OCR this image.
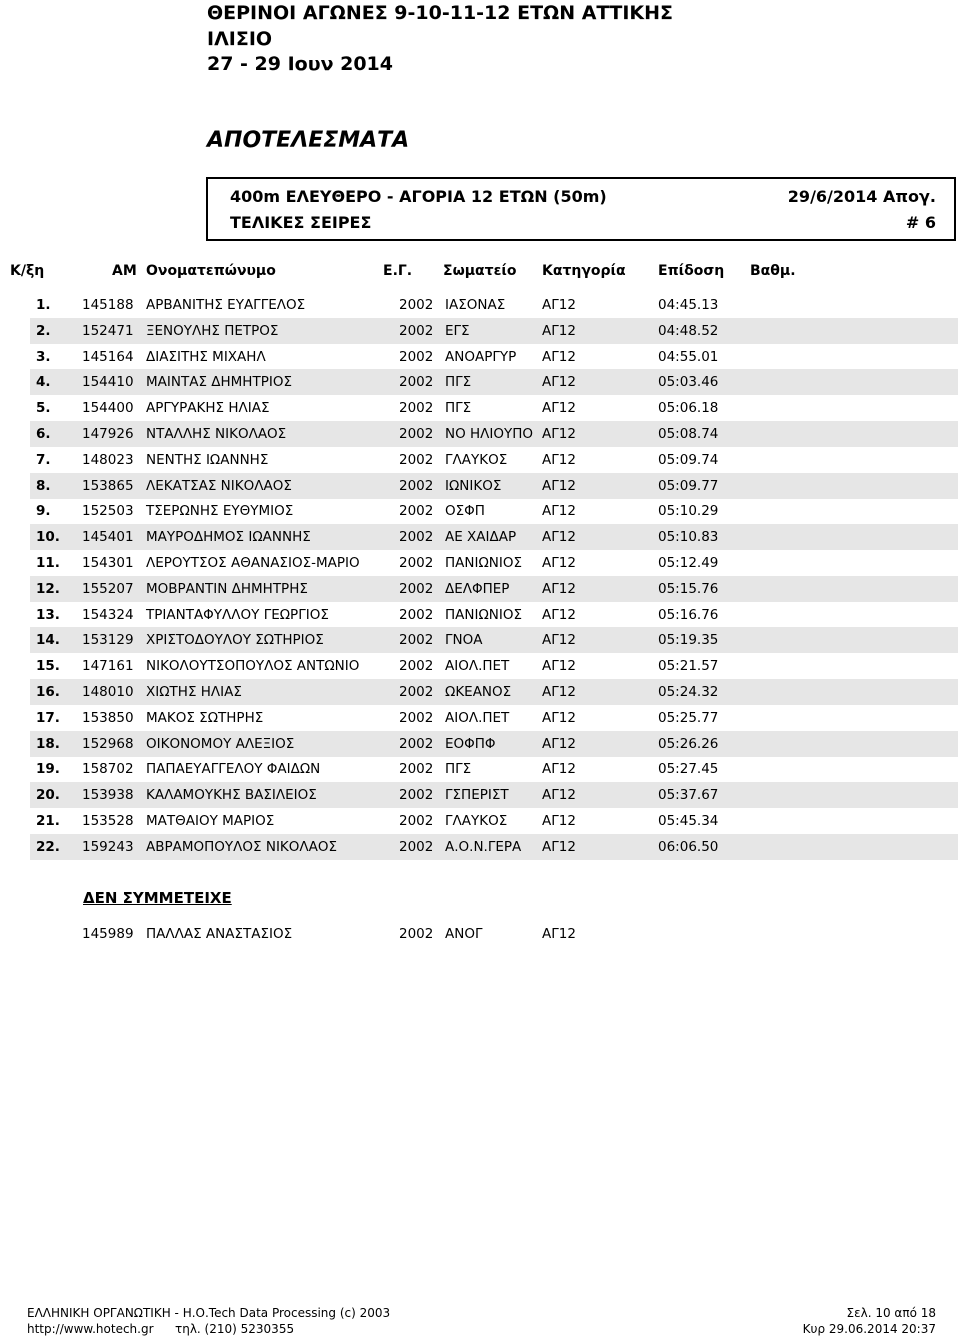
ΘΕΡΙΝΟΙ ΑΓΩΝΕΣ 9-10-11-12 ΕΤΩΝ ΑΤΤΙΚΗΣ
ΙΛΙΣΙΟ
27 - 29 Ιουν 2014
ΑΠΟΤΕΛΕΣΜΑΤΑ
400m ΕΛΕΥΘΕΡΟ - ΑΓΟΡΙΑ 12 ΕΤΩΝ (50m)	29/6/2014 Απογ.
ΤΕΛΙΚΕΣ ΣΕΙΡΕΣ	# 6
Κ/ξη	ΑΜ Ονοματεπώνυμο	Ε.Γ. Σωματείο Κατηγορία Επίδοση Βαθμ.
1. 145188 ΑΡΒΑΝΙΤΗΣ ΕΥΑΓΓΕΛΟΣ	2002 ΙΑΣΟΝΑΣ	ΑΓ12	04:45.13
2. 152471 ΞΕΝΟΥΛΗΣ ΠΕΤΡΟΣ	2002 ΕΓΣ	ΑΓ12	04:48.52
3. 145164 ΔΙΑΣΙΤΗΣ ΜΙΧΑΗΛ	2002 ΑΝΟΑΡΓΥΡ ΑΓ12	04:55.01
4. 154410 ΜΑΙΝΤΑΣ ΔΗΜΗΤΡΙΟΣ	2002 ΠΓΣ	ΑΓ12	05:03.46
5. 154400 ΑΡΓΥΡΑΚΗΣ ΗΛΙΑΣ	2002 ΠΓΣ	ΑΓ12	05:06.18
6. 147926 ΝΤΑΛΛΗΣ ΝΙΚΟΛΑΟΣ	2002 ΝΟ ΗΛΙΟΥΠΟ ΑΓ12	05:08.74
7. 148023 ΝΕΝΤΗΣ ΙΩΑΝΝΗΣ	2002 ΓΛΑΥΚΟΣ	ΑΓ12	05:09.74
8. 153865 ΛΕΚΑΤΣΑΣ ΝΙΚΟΛΑΟΣ	2002 ΙΩΝΙΚΟΣ	ΑΓ12	05:09.77
9. 152503 ΤΣΕΡΩΝΗΣ ΕΥΘΥΜΙΟΣ	2002 ΟΣΦΠ	ΑΓ12	05:10.29
10. 145401 ΜΑΥΡΟΔΗΜΟΣ ΙΩΑΝΝΗΣ	2002 ΑΕ ΧΑΙΔΑΡ ΑΓ12	05:10.83
11. 154301 ΛΕΡΟΥΤΣΟΣ ΑΘΑΝΑΣΙΟΣ-ΜΑΡΙΟ	2002 ΠΑΝΙΩΝΙΟΣ ΑΓ12	05:12.49
12. 155207 ΜΟΒΡΑΝΤΙΝ ΔΗΜΗΤΡΗΣ	2002 ΔΕΛΦΠΕΡ ΑΓ12	05:15.76
13. 154324 ΤΡΙΑΝΤΑΦΥΛΛΟΥ ΓΕΩΡΓΙΟΣ	2002 ΠΑΝΙΩΝΙΟΣ ΑΓ12	05:16.76
14. 153129 ΧΡΙΣΤΟΔΟΥΛΟΥ ΣΩΤΗΡΙΟΣ	2002 ΓΝΟΑ	ΑΓ12	05:19.35
15. 147161 ΝΙΚΟΛΟΥΤΣΟΠΟΥΛΟΣ ΑΝΤΩΝΙΟ	2002 ΑΙΟΛ.ΠΕΤ ΑΓ12	05:21.57
16. 148010 ΧΙΩΤΗΣ ΗΛΙΑΣ	2002 ΩΚΕΑΝΟΣ ΑΓ12	05:24.32
17. 153850 ΜΑΚΟΣ ΣΩΤΗΡΗΣ	2002 ΑΙΟΛ.ΠΕΤ ΑΓ12	05:25.77
18. 152968 ΟΙΚΟΝΟΜΟΥ ΑΛΕΞΙΟΣ	2002 ΕΟΦΠΦ	ΑΓ12	05:26.26
19. 158702 ΠΑΠΑΕΥΑΓΓΕΛΟΥ ΦΑΙΔΩΝ	2002 ΠΓΣ	ΑΓ12	05:27.45
20. 153938 ΚΑΛΑΜΟΥΚΗΣ ΒΑΣΙΛΕΙΟΣ	2002 ΓΣΠΕΡΙΣΤ ΑΓ12	05:37.67
21. 153528 ΜΑΤΘΑΙΟΥ ΜΑΡΙΟΣ	2002 ΓΛΑΥΚΟΣ	ΑΓ12	05:45.34
22. 159243 ΑΒΡΑΜΟΠΟΥΛΟΣ ΝΙΚΟΛΑΟΣ	2002 Α.Ο.Ν.ΓΕΡΑ ΑΓ12	06:06.50
ΔΕΝ ΣΥΜΜΕΤΕΙΧΕ
145989 ΠΑΛΛΑΣ ΑΝΑΣΤΑΣΙΟΣ	2002 ΑΝΟΓ	ΑΓ12
ΕΛΛΗΝΙΚΗ ΟΡΓΑΝΩΤΙΚΗ - Η.Ο.Tech Data Processing (c) 2003
http://www.hotech.gr τηλ. (210) 5230355
Σελ. 10 από 18
Κυρ 29.06.2014 20:37
